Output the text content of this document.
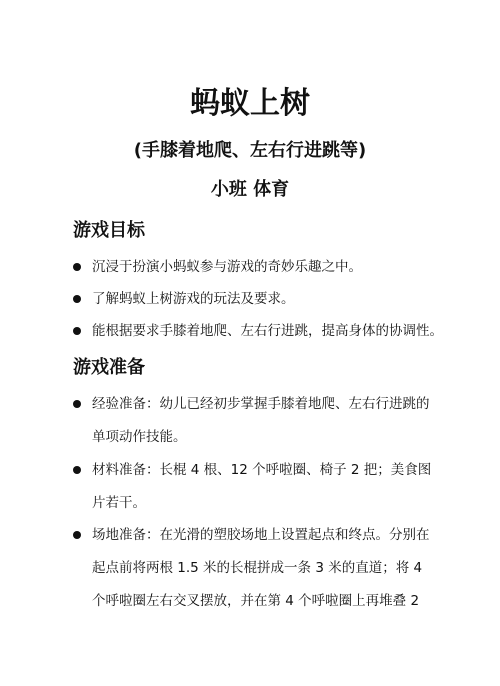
蚂蚁上树
(手膝着地爬、左右行进跳等)
小班 体育
游戏目标
沉浸于扮演小蚂蚁参与游戏的奇妙乐趣之中。
了解蚂蚁上树游戏的玩法及要求。
能根据要求手膝着地爬、左右行进跳，提高身体的协调性。
游戏准备
经验准备：幼儿已经初步掌握手膝着地爬、左右行进跳的
单项动作技能。
材料准备：长棍 4 根、12 个呼啦圈、椅子 2 把；美食图
片若干。
场地准备：在光滑的塑胶场地上设置起点和终点。分别在
起点前将两根 1.5 米的长棍拼成一条 3 米的直道；将 4
个呼啦圈左右交叉摆放，并在第 4 个呼啦圈上再堆叠 2
